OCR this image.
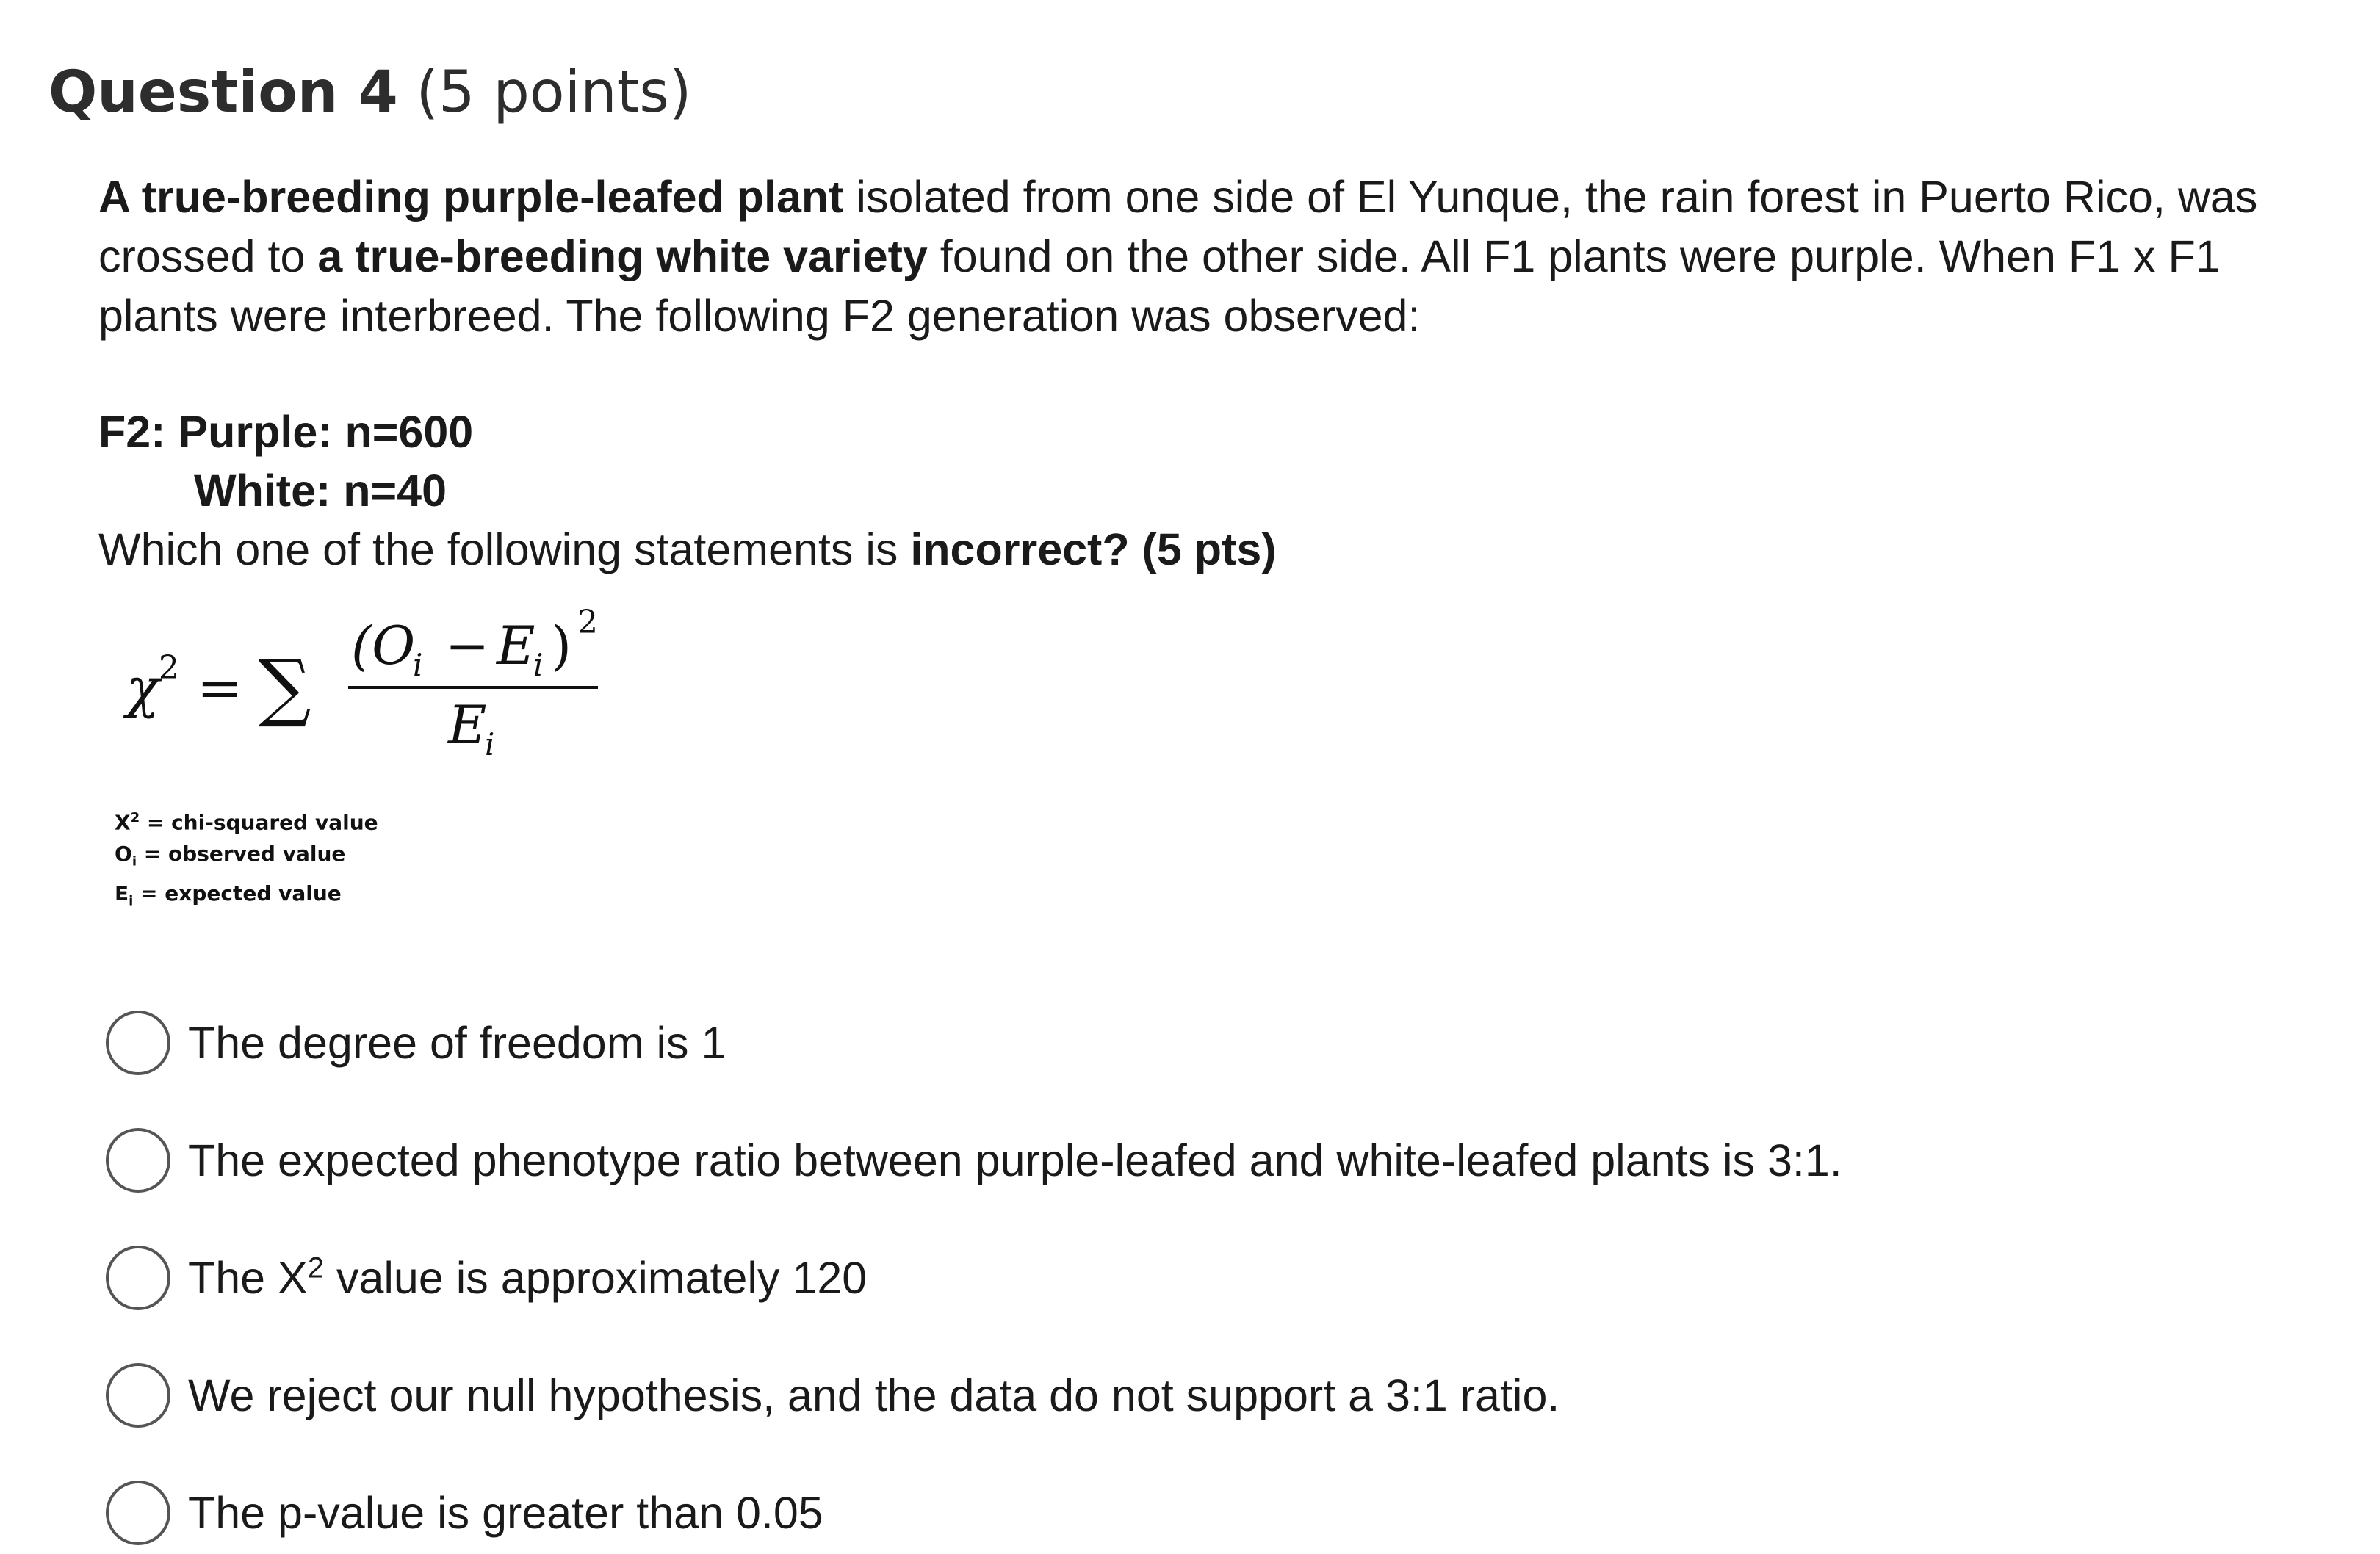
Question 4 (5 points)
A true-breeding purple-leafed plant isolated from one side of El Yunque, the rain forest in Puerto Rico, was crossed to a true-breeding white variety found on the other side. All F1 plants were purple. When F1 x F1 plants were interbreed. The following F2 generation was observed:
F2: Purple: n=600
White: n=40
Which one of the following statements is incorrect? (5 pts)
χ 2 = ∑ (O
i − E
i ) 2
E
i
$X^2$ = chi-squared value
$O_i$ = observed value
$E_i$ = expected value
The degree of freedom is 1
The expected phenotype ratio between purple-leafed and white-leafed plants is 3:1.
The $X^2$ value is approximately 120
We reject our null hypothesis, and the data do not support a 3:1 ratio.
The p-value is greater than 0.05
